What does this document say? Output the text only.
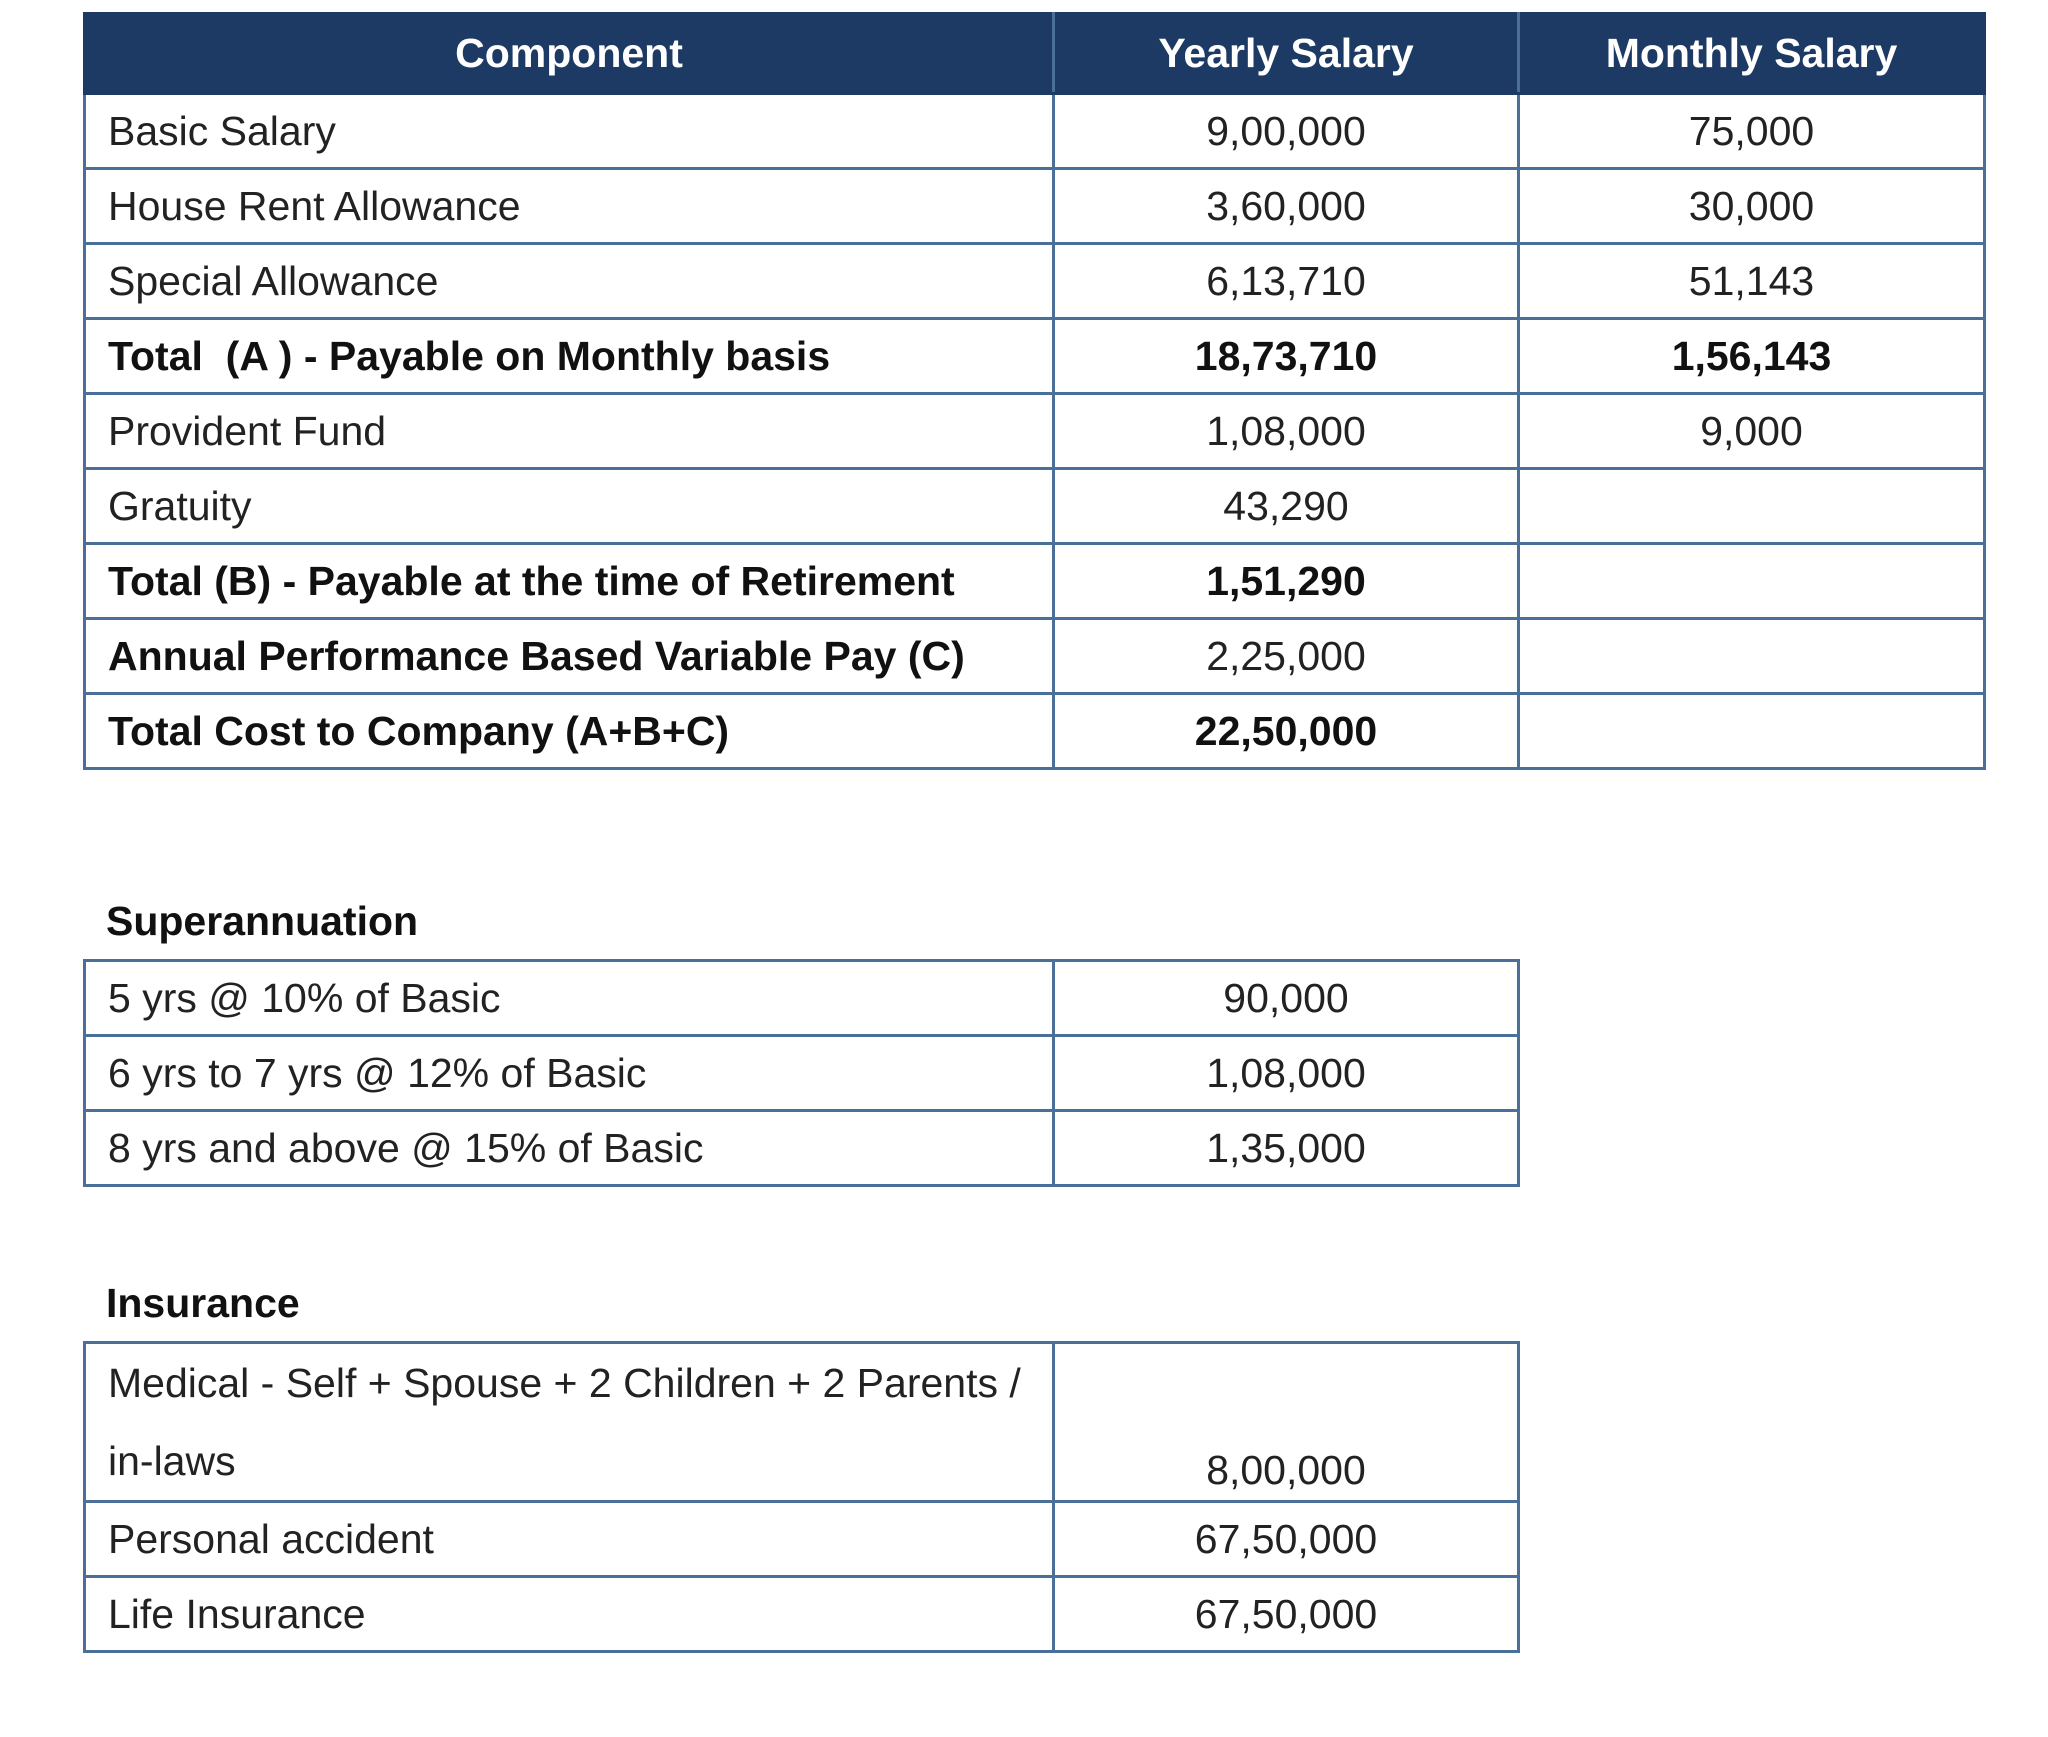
Component	Yearly Salary	Monthly Salary
Basic Salary	9,00,000	75,000
House Rent Allowance	3,60,000	30,000
Special Allowance	6,13,710	51,143
Total  (A ) - Payable on Monthly basis	18,73,710	1,56,143
Provident Fund	1,08,000	9,000
Gratuity	43,290	
Total (B) - Payable at the time of Retirement	1,51,290	
Annual Performance Based Variable Pay (C)	2,25,000	
Total Cost to Company (A+B+C)	22,50,000	
Superannuation
5 yrs @ 10% of Basic	90,000
6 yrs to 7 yrs @ 12% of Basic	1,08,000
8 yrs and above @ 15% of Basic	1,35,000
Insurance
Medical - Self + Spouse + 2 Children + 2 Parents / in-laws	8,00,000
Personal accident	67,50,000
Life Insurance	67,50,000
